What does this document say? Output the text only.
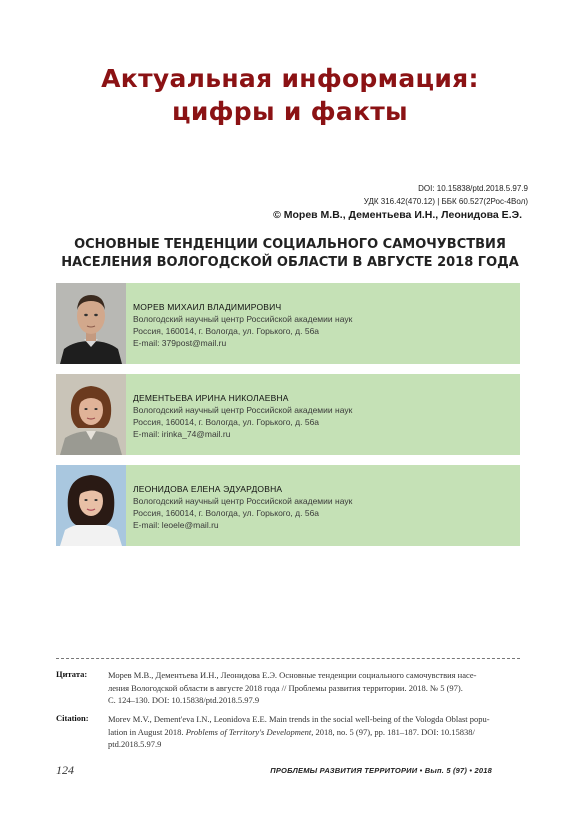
Актуальная информация:
цифры и факты
DOI: 10.15838/ptd.2018.5.97.9
УДК 316.42(470.12) | ББК 60.527(2Рос-4Вол)
© Морев М.В., Дементьева И.Н., Леонидова Е.Э.
ОСНОВНЫЕ ТЕНДЕНЦИИ СОЦИАЛЬНОГО САМОЧУВСТВИЯ
НАСЕЛЕНИЯ ВОЛОГОДСКОЙ ОБЛАСТИ В АВГУСТЕ 2018 ГОДА
МОРЕВ МИХАИЛ ВЛАДИМИРОВИЧ
Вологодский научный центр Российской академии наук
Россия, 160014, г. Вологда, ул. Горького, д. 56а
E-mail: 379post@mail.ru
ДЕМЕНТЬЕВА ИРИНА НИКОЛАЕВНА
Вологодский научный центр Российской академии наук
Россия, 160014, г. Вологда, ул. Горького, д. 56а
E-mail: irinka_74@mail.ru
ЛЕОНИДОВА ЕЛЕНА ЭДУАРДОВНА
Вологодский научный центр Российской академии наук
Россия, 160014, г. Вологда, ул. Горького, д. 56а
E-mail: leoele@mail.ru
Цитата: Морев М.В., Дементьева И.Н., Леонидова Е.Э. Основные тенденции социального самочувствия насе-
ления Вологодской области в августе 2018 года // Проблемы развития территории. 2018. № 5 (97).
С. 124–130. DOI: 10.15838/ptd.2018.5.97.9
Citation: Morev M.V., Dement'eva I.N., Leonidova E.E. Main trends in the social well-being of the Vologda Oblast popu-
lation in August 2018. Problems of Territory's Development, 2018, no. 5 (97), pp. 181–187. DOI: 10.15838/
ptd.2018.5.97.9
124	ПРОБЛЕМЫ РАЗВИТИЯ ТЕРРИТОРИИ • Вып. 5 (97) • 2018
